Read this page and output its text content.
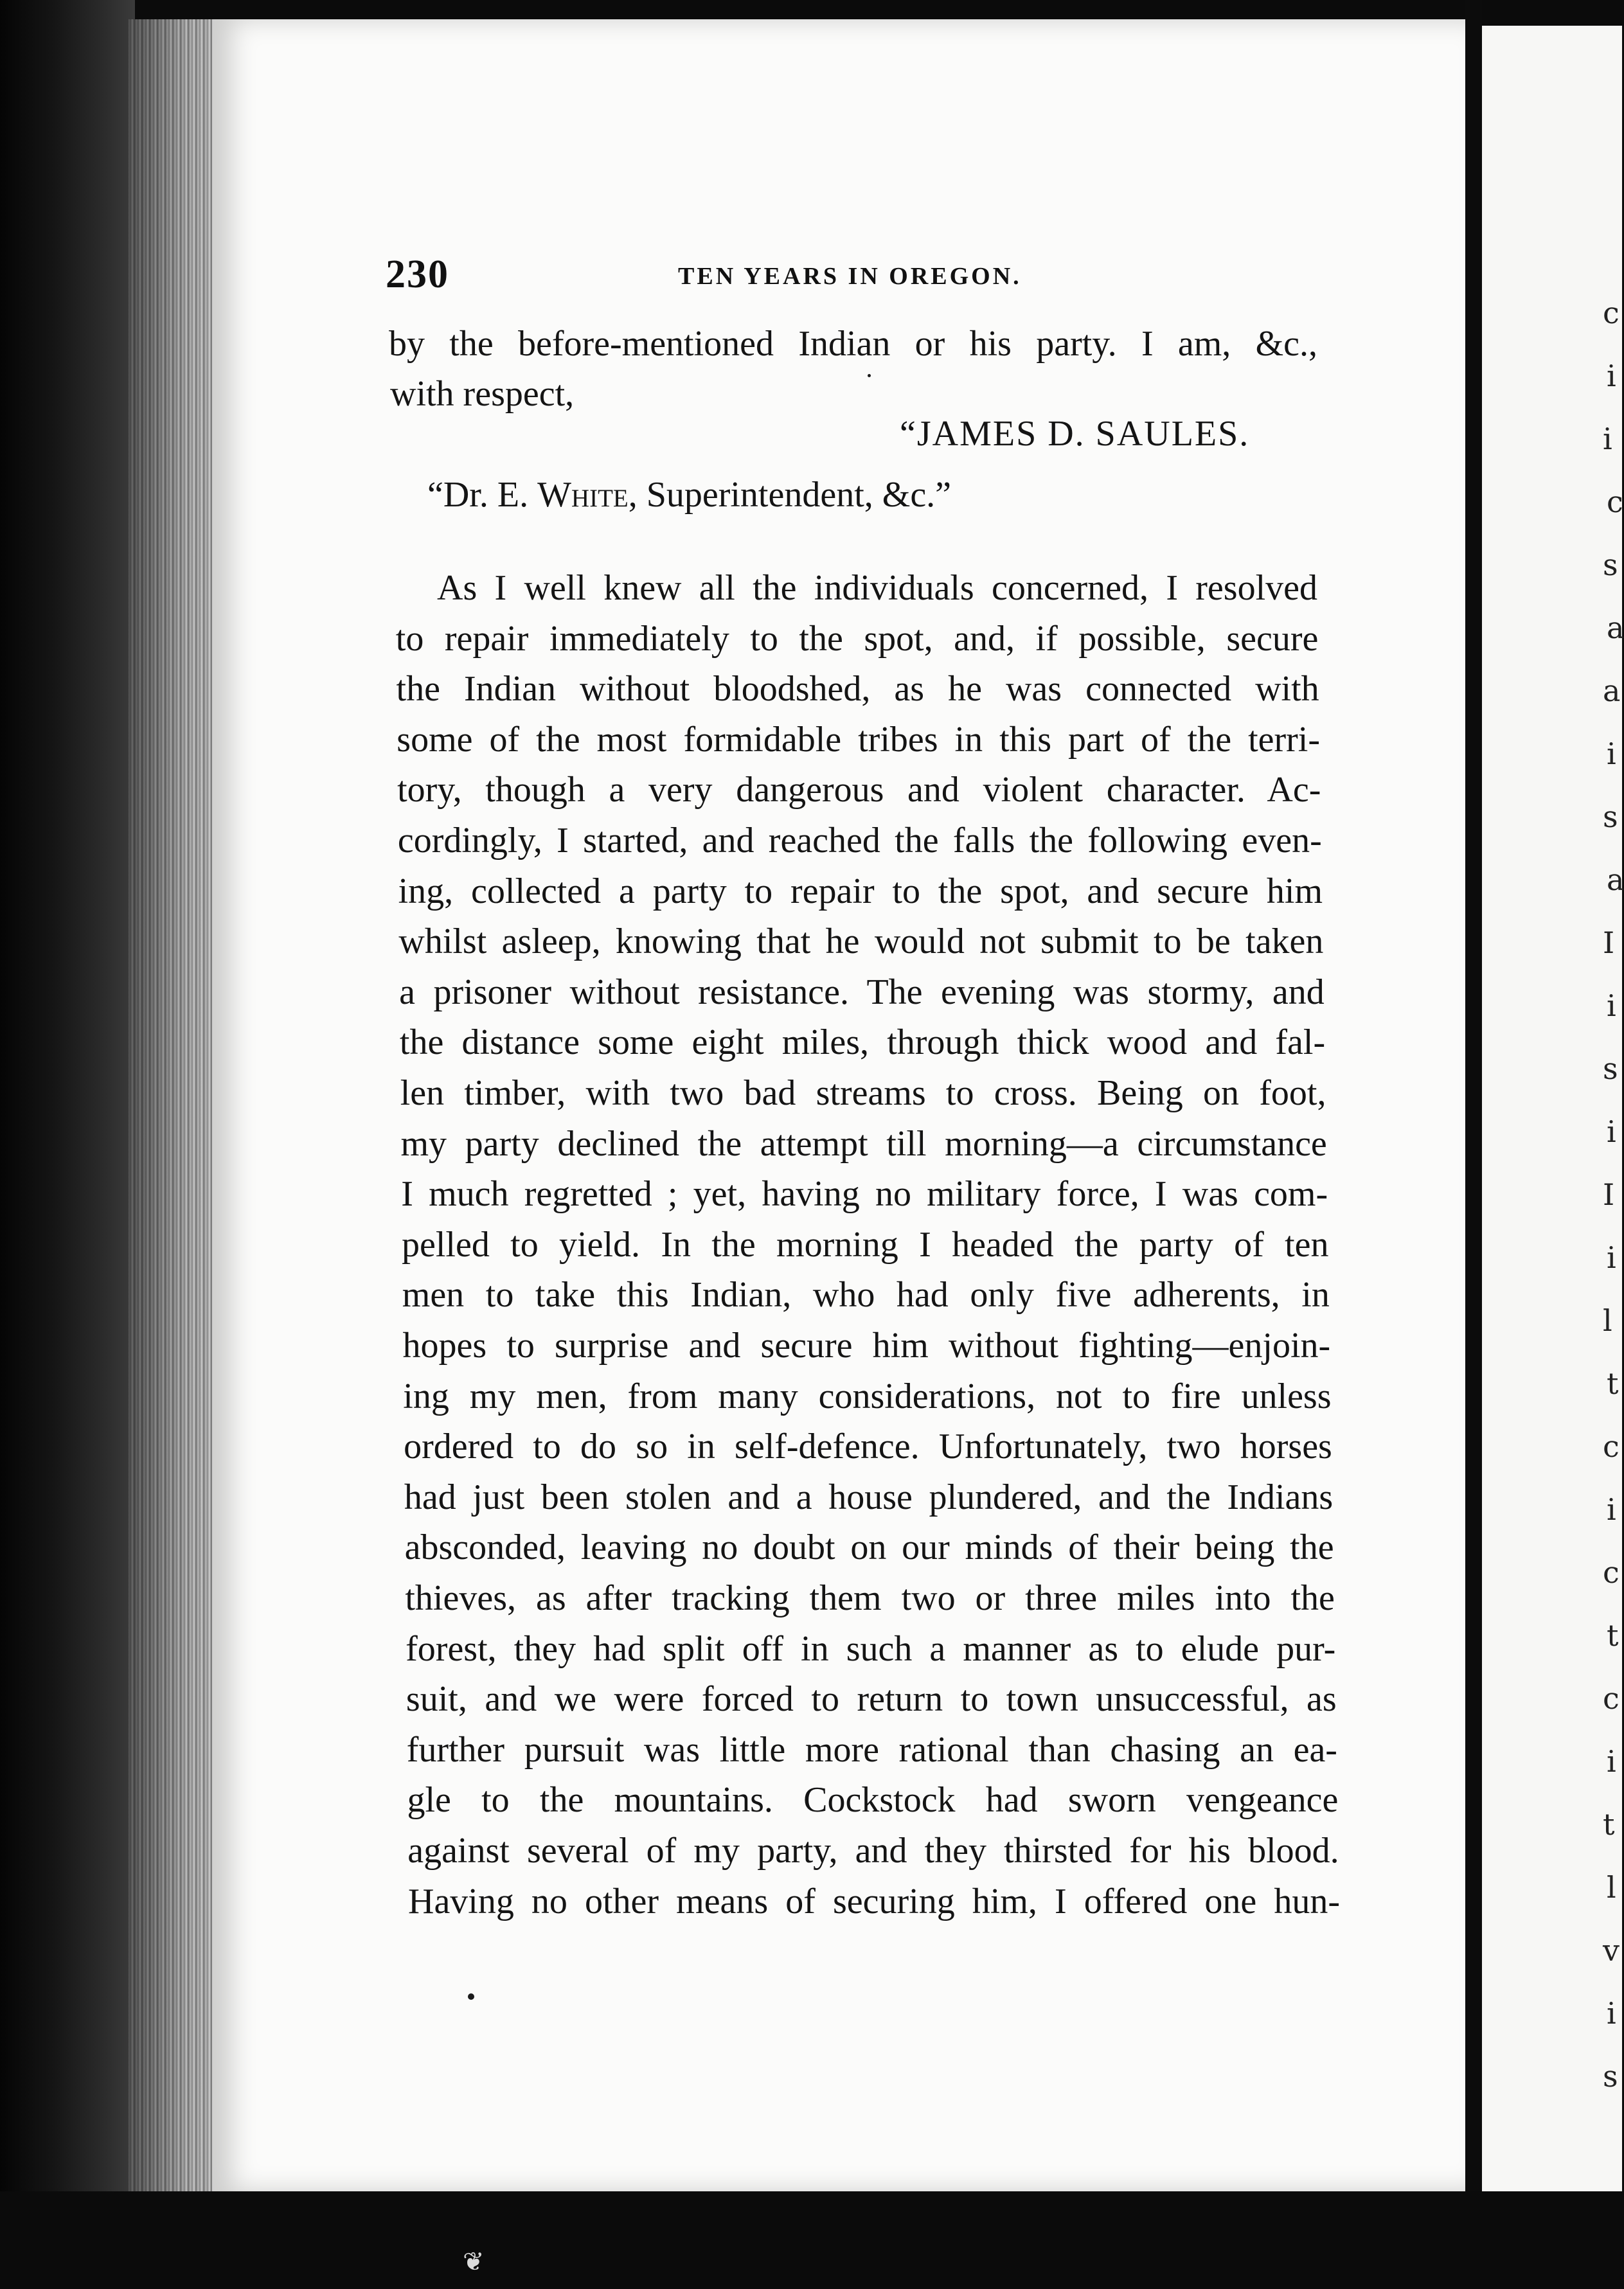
c
i
i
c
s
a
a
i
s
a
I
i
s
i
I
i
l
t
c
i
c
t
c
i
t
l
v
i
s
230	TEN YEARS IN OREGON.
by the before-mentioned Indian or his party. I am, &c.,
with respect,
“JAMES D. SAULES.
“Dr. E. White, Superintendent, &c.”
As I well knew all the individuals concerned, I resolved
to repair immediately to the spot, and, if possible, secure
the Indian without bloodshed, as he was connected with
some of the most formidable tribes in this part of the terri-
tory, though a very dangerous and violent character. Ac-
cordingly, I started, and reached the falls the following even-
ing, collected a party to repair to the spot, and secure him
whilst asleep, knowing that he would not submit to be taken
a prisoner without resistance. The evening was stormy, and
the distance some eight miles, through thick wood and fal-
len timber, with two bad streams to cross. Being on foot,
my party declined the attempt till morning—a circumstance
I much regretted ; yet, having no military force, I was com-
pelled to yield. In the morning I headed the party of ten
men to take this Indian, who had only five adherents, in
hopes to surprise and secure him without fighting—enjoin-
ing my men, from many considerations, not to fire unless
ordered to do so in self-defence. Unfortunately, two horses
had just been stolen and a house plundered, and the Indians
absconded, leaving no doubt on our minds of their being the
thieves, as after tracking them two or three miles into the
forest, they had split off in such a manner as to elude pur-
suit, and we were forced to return to town unsuccessful, as
further pursuit was little more rational than chasing an ea-
gle to the mountains. Cockstock had sworn vengeance
against several of my party, and they thirsted for his blood.
Having no other means of securing him, I offered one hun-
❦
